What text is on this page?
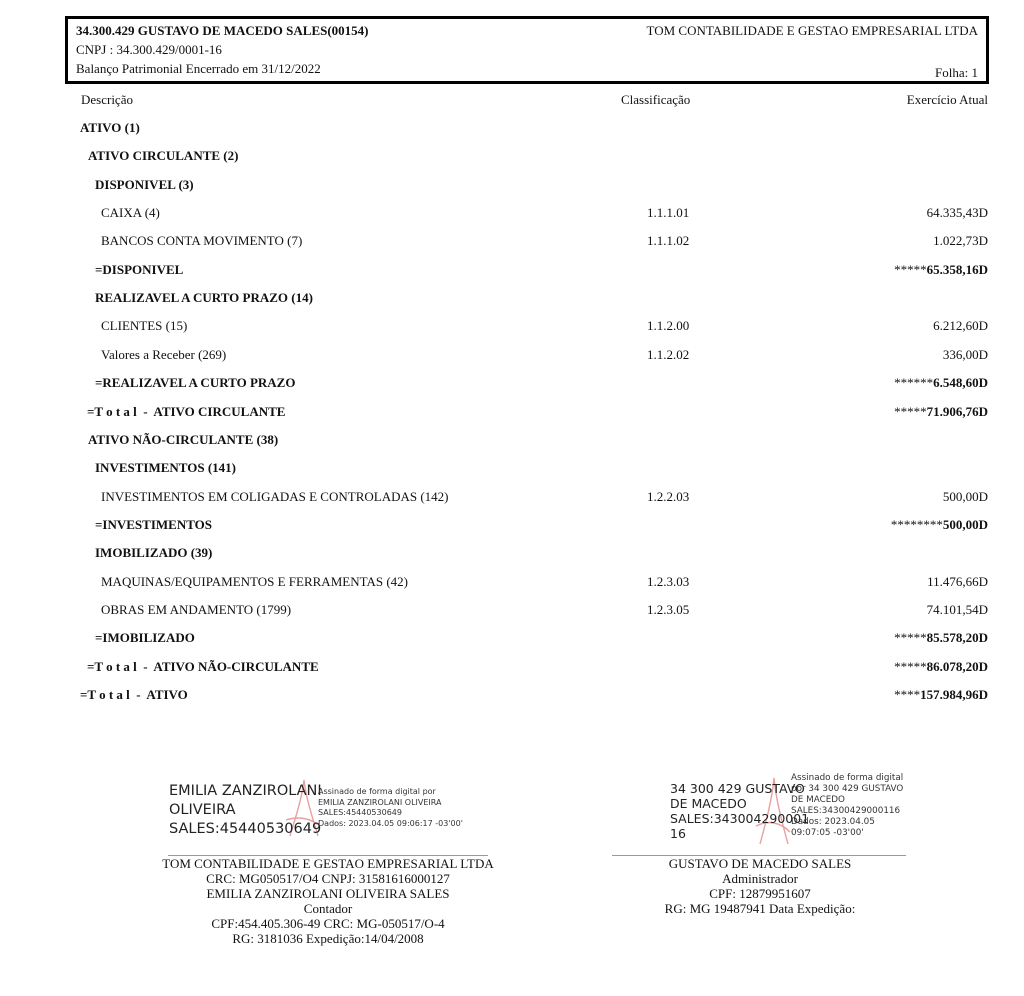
34.300.429 GUSTAVO DE MACEDO SALES(00154)
CNPJ : 34.300.429/0001-16
Balanço Patrimonial Encerrado em 31/12/2022
TOM CONTABILIDADE E GESTAO EMPRESARIAL LTDA
Folha: 1
Descrição	Classificação	Exercício Atual
ATIVO (1)
ATIVO CIRCULANTE (2)
DISPONIVEL (3)
CAIXA (4)	1.1.1.01	64.335,43D
BANCOS CONTA MOVIMENTO (7)	1.1.1.02	1.022,73D
=DISPONIVEL	*****65.358,16D
REALIZAVEL A CURTO PRAZO (14)
CLIENTES (15)	1.1.2.00	6.212,60D
Valores a Receber (269)	1.1.2.02	336,00D
=REALIZAVEL A CURTO PRAZO	******6.548,60D
=T o t a l  -  ATIVO CIRCULANTE	*****71.906,76D
ATIVO NÃO-CIRCULANTE (38)
INVESTIMENTOS (141)
INVESTIMENTOS EM COLIGADAS E CONTROLADAS (142)	1.2.2.03	500,00D
=INVESTIMENTOS	********500,00D
IMOBILIZADO (39)
MAQUINAS/EQUIPAMENTOS E FERRAMENTAS (42)	1.2.3.03	11.476,66D
OBRAS EM ANDAMENTO (1799)	1.2.3.05	74.101,54D
=IMOBILIZADO	*****85.578,20D
=T o t a l  -  ATIVO NÃO-CIRCULANTE	*****86.078,20D
=T o t a l  -  ATIVO	****157.984,96D
EMILIA ZANZIROLANI
OLIVEIRA
SALES:45440530649
Assinado de forma digital por
EMILIA ZANZIROLANI OLIVEIRA
SALES:45440530649
Dados: 2023.04.05 09:06:17 -03'00'
TOM CONTABILIDADE E GESTAO EMPRESARIAL LTDA
CRC: MG050517/O4 CNPJ: 31581616000127
EMILIA ZANZIROLANI OLIVEIRA SALES
Contador
CPF:454.405.306-49 CRC: MG-050517/O-4
RG: 3181036 Expedição:14/04/2008
34 300 429 GUSTAVO
DE MACEDO
SALES:343004290001
16
Assinado de forma digital
por 34 300 429 GUSTAVO
DE MACEDO
SALES:34300429000116
Dados: 2023.04.05
09:07:05 -03'00'
GUSTAVO DE MACEDO SALES
Administrador
CPF: 12879951607
RG: MG 19487941 Data Expedição:
